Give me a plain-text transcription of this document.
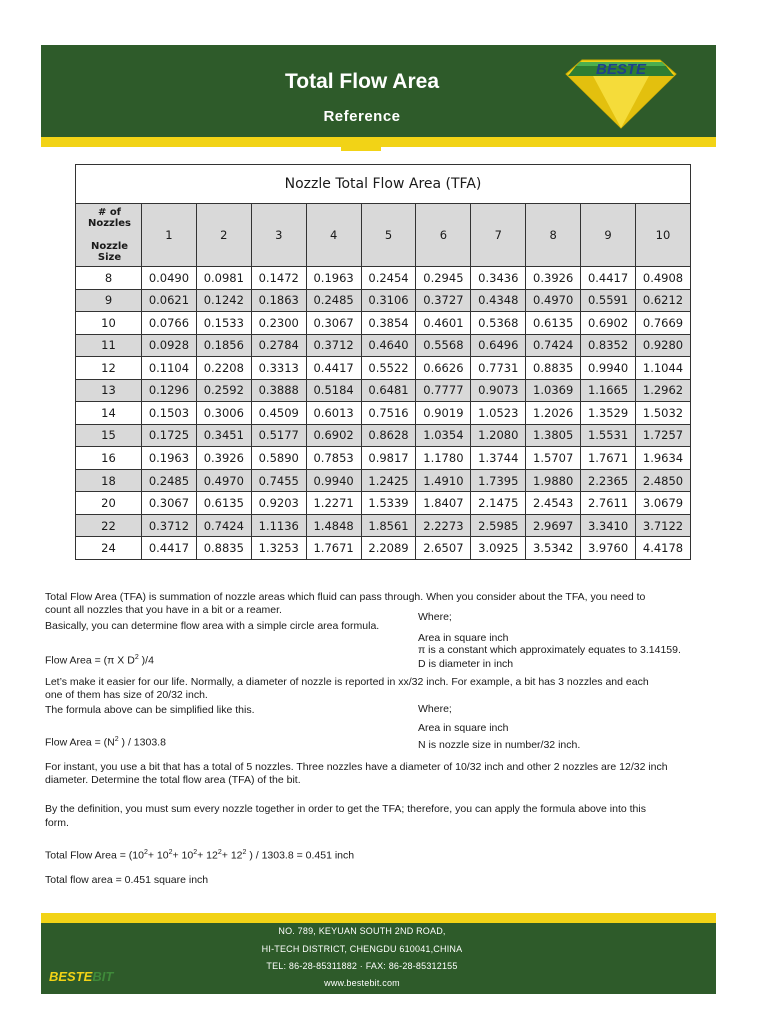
Total Flow Area
Reference
BESTE
Nozzle Total Flow Area (TFA)										

# of Nozzles
Nozzle Size	1	2	3	4	5	6	7	8	9	10
8	0.0490	0.0981	0.1472	0.1963	0.2454	0.2945	0.3436	0.3926	0.4417	0.4908
9	0.0621	0.1242	0.1863	0.2485	0.3106	0.3727	0.4348	0.4970	0.5591	0.6212
10	0.0766	0.1533	0.2300	0.3067	0.3854	0.4601	0.5368	0.6135	0.6902	0.7669
11	0.0928	0.1856	0.2784	0.3712	0.4640	0.5568	0.6496	0.7424	0.8352	0.9280
12	0.1104	0.2208	0.3313	0.4417	0.5522	0.6626	0.7731	0.8835	0.9940	1.1044
13	0.1296	0.2592	0.3888	0.5184	0.6481	0.7777	0.9073	1.0369	1.1665	1.2962
14	0.1503	0.3006	0.4509	0.6013	0.7516	0.9019	1.0523	1.2026	1.3529	1.5032
15	0.1725	0.3451	0.5177	0.6902	0.8628	1.0354	1.2080	1.3805	1.5531	1.7257
16	0.1963	0.3926	0.5890	0.7853	0.9817	1.1780	1.3744	1.5707	1.7671	1.9634
18	0.2485	0.4970	0.7455	0.9940	1.2425	1.4910	1.7395	1.9880	2.2365	2.4850
20	0.3067	0.6135	0.9203	1.2271	1.5339	1.8407	2.1475	2.4543	2.7611	3.0679
22	0.3712	0.7424	1.1136	1.4848	1.8561	2.2273	2.5985	2.9697	3.3410	3.7122
24	0.4417	0.8835	1.3253	1.7671	2.2089	2.6507	3.0925	3.5342	3.9760	4.4178
Total Flow Area (TFA) is summation of nozzle areas which fluid can pass through. When you consider about the TFA, you need to
count all nozzles that you have in a bit or a reamer.
Basically, you can determine flow area with a simple circle area formula.
Where;
Area in square inch
π is a constant which approximately equates to 3.14159.
D is diameter in inch
Flow Area = (π X $D^2$ )/4
Let’s make it easier for our life. Normally, a diameter of nozzle is reported in xx/32 inch. For example, a bit has 3 nozzles and each
one of them has size of 20/32 inch.
The formula above can be simplified like this.	Where;
Area in square inch
N is nozzle size in number/32 inch.
Flow Area = ($N^2$ ) / 1303.8
For instant, you use a bit that has a total of 5 nozzles. Three nozzles have a diameter of 10/32 inch and other 2 nozzles are 12/32 inch
diameter. Determine the total flow area (TFA) of the bit.
By the definition, you must sum every nozzle together in order to get the TFA; therefore, you can apply the formula above into this
form.
Total Flow Area = ($10^2+ 10^2+ 10^2+ 12^2+ 12^2$ ) / 1303.8 = 0.451 inch
Total flow area = 0.451 square inch
NO. 789, KEYUAN SOUTH 2ND ROAD,
HI-TECH DISTRICT, CHENGDU 610041,CHINA
TEL: 86-28-85311882 · FAX: 86-28-85312155
www.bestebit.com
BESTEBIT
